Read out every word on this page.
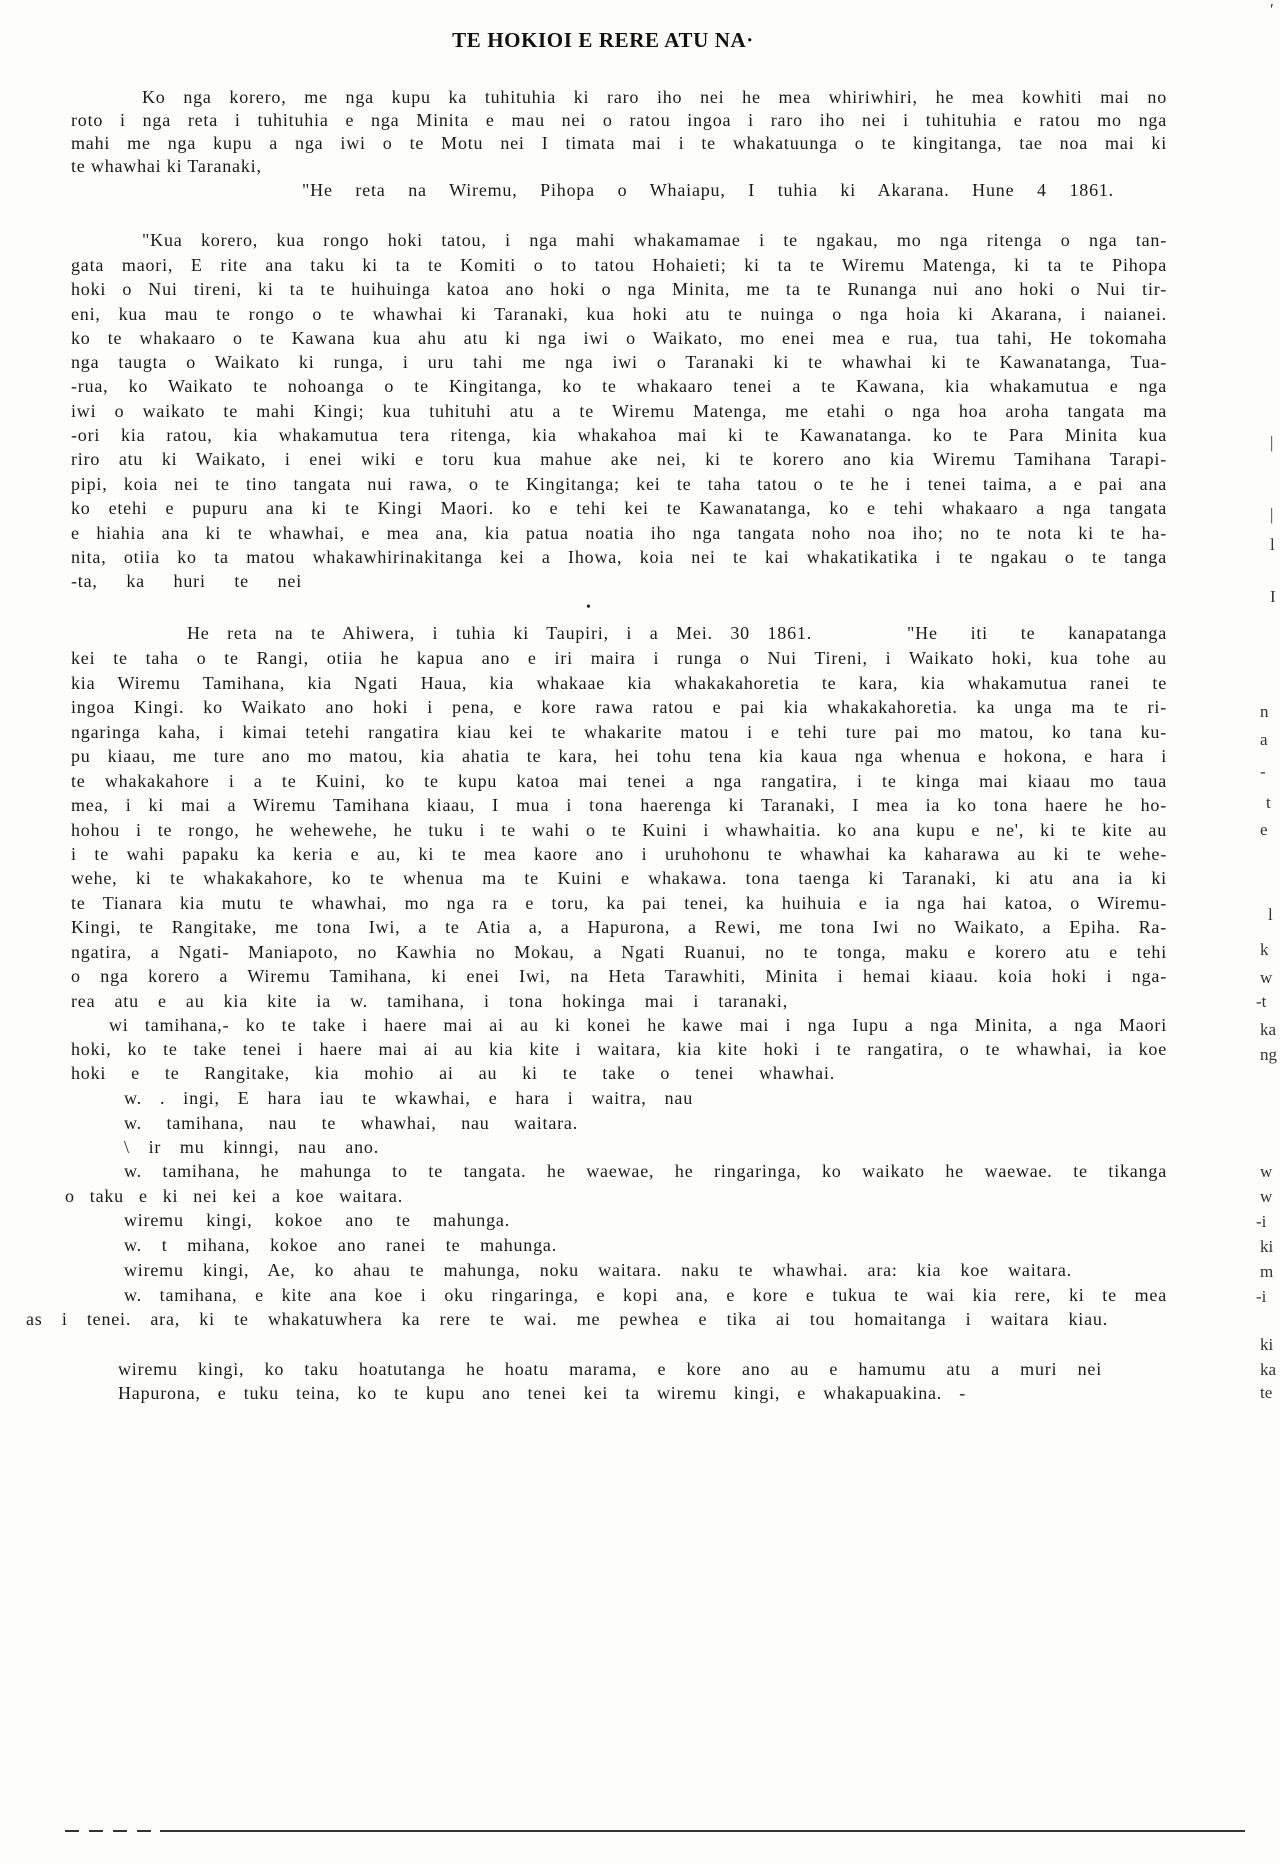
TE HOKIOI E RERE ATU NA·
Ko nga korero, me nga kupu ka tuhituhia ki raro iho nei he mea whiriwhiri, he mea kowhiti mai no
roto i nga reta i tuhituhia e nga Minita e mau nei o ratou ingoa i raro iho nei i tuhituhia e ratou mo nga
mahi me nga kupu a nga iwi o te Motu nei I timata mai i te whakatuunga o te kingitanga, tae noa mai ki
te whawhai ki Taranaki,
"He reta na Wiremu, Pihopa o Whaiapu, I tuhia ki Akarana. Hune 4 1861.
"Kua korero, kua rongo hoki tatou, i nga mahi whakamamae i te ngakau, mo nga ritenga o nga tan-
gata maori, E rite ana taku ki ta te Komiti o to tatou Hohaieti; ki ta te Wiremu Matenga, ki ta te Pihopa
hoki o Nui tireni, ki ta te huihuinga katoa ano hoki o nga Minita, me ta te Runanga nui ano hoki o Nui tir-
eni, kua mau te rongo o te whawhai ki Taranaki, kua hoki atu te nuinga o nga hoia ki Akarana, i naianei.
ko te whakaaro o te Kawana kua ahu atu ki nga iwi o Waikato, mo enei mea e rua, tua tahi, He tokomaha
nga taugta o Waikato ki runga, i uru tahi me nga iwi o Taranaki ki te whawhai ki te Kawanatanga, Tua-
-rua, ko Waikato te nohoanga o te Kingitanga, ko te whakaaro tenei a te Kawana, kia whakamutua e nga
iwi o waikato te mahi Kingi; kua tuhituhi atu a te Wiremu Matenga, me etahi o nga hoa aroha tangata ma
-ori kia ratou, kia whakamutua tera ritenga, kia whakahoa mai ki te Kawanatanga. ko te Para Minita kua
riro atu ki Waikato, i enei wiki e toru kua mahue ake nei, ki te korero ano kia Wiremu Tamihana Tarapi-
pipi, koia nei te tino tangata nui rawa, o te Kingitanga; kei te taha tatou o te he i tenei taima, a e pai ana
ko etehi e pupuru ana ki te Kingi Maori. ko e tehi kei te Kawanatanga, ko e tehi whakaaro a nga tangata
e hiahia ana ki te whawhai, e mea ana, kia patua noatia iho nga tangata noho noa iho; no te nota ki te ha-
nita, otiia ko ta matou whakawhirinakitanga kei a Ihowa, koia nei te kai whakatikatika i te ngakau o te tanga
-ta, ka huri te nei
•
He reta na te Ahiwera, i tuhia ki Taupiri, i a Mei. 30 1861.	"He iti te kanapatanga
kei te taha o te Rangi, otiia he kapua ano e iri maira i runga o Nui Tireni, i Waikato hoki, kua tohe au
kia Wiremu Tamihana, kia Ngati Haua, kia whakaae kia whakakahoretia te kara, kia whakamutua ranei te
ingoa Kingi. ko Waikato ano hoki i pena, e kore rawa ratou e pai kia whakakahoretia. ka unga ma te ri-
ngaringa kaha, i kimai tetehi rangatira kiau kei te whakarite matou i e tehi ture pai mo matou, ko tana ku-
pu kiaau, me ture ano mo matou, kia ahatia te kara, hei tohu tena kia kaua nga whenua e hokona, e hara i
te whakakahore i a te Kuini, ko te kupu katoa mai tenei a nga rangatira, i te kinga mai kiaau mo taua
mea, i ki mai a Wiremu Tamihana kiaau, I mua i tona haerenga ki Taranaki, I mea ia ko tona haere he ho-
hohou i te rongo, he wehewehe, he tuku i te wahi o te Kuini i whawhaitia. ko ana kupu e ne', ki te kite au
i te wahi papaku ka keria e au, ki te mea kaore ano i uruhohonu te whawhai ka kaharawa au ki te wehe-
wehe, ki te whakakahore, ko te whenua ma te Kuini e whakawa. tona taenga ki Taranaki, ki atu ana ia ki
te Tianara kia mutu te whawhai, mo nga ra e toru, ka pai tenei, ka huihuia e ia nga hai katoa, o Wiremu-
Kingi, te Rangitake, me tona Iwi, a te Atia a, a Hapurona, a Rewi, me tona Iwi no Waikato, a Epiha. Ra-
ngatira, a Ngati- Maniapoto, no Kawhia no Mokau, a Ngati Ruanui, no te tonga, maku e korero atu e tehi
o nga korero a Wiremu Tamihana, ki enei Iwi, na Heta Tarawhiti, Minita i hemai kiaau. koia hoki i nga-
rea atu e au kia kite ia w. tamihana, i tona hokinga mai i taranaki,
wi tamihana,- ko te take i haere mai ai au ki konei he kawe mai i nga Iupu a nga Minita, a nga Maori
hoki, ko te take tenei i haere mai ai au kia kite i waitara, kia kite hoki i te rangatira, o te whawhai, ia koe
hoki e te Rangitake, kia mohio ai au ki te take o tenei whawhai.
w. . ingi, E hara iau te wkawhai, e hara i waitra, nau
w. tamihana, nau te whawhai, nau waitara.
\ ir mu kinngi, nau ano.
w. tamihana, he mahunga to te tangata. he waewae, he ringaringa, ko waikato he waewae. te tikanga
o taku e ki nei kei a koe waitara.
wiremu kingi, kokoe ano te mahunga.
w. t mihana, kokoe ano ranei te mahunga.
wiremu kingi, Ae, ko ahau te mahunga, noku waitara. naku te whawhai. ara: kia koe waitara.
w. tamihana, e kite ana koe i oku ringaringa, e kopi ana, e kore e tukua te wai kia rere, ki te mea
as i tenei. ara, ki te whakatuwhera ka rere te wai. me pewhea e tika ai tou homaitanga i waitara kiau.
wiremu kingi, ko taku hoatutanga he hoatu marama, e kore ano au e hamumu atu a muri nei
Hapurona, e tuku teina, ko te kupu ano tenei kei ta wiremu kingi, e whakapuakina. -
′
|
|
l
I
n
a
-
t
e
l
k
w
-t
ka
ng
w
w
-i
ki
m
-i
ki
ka
te
